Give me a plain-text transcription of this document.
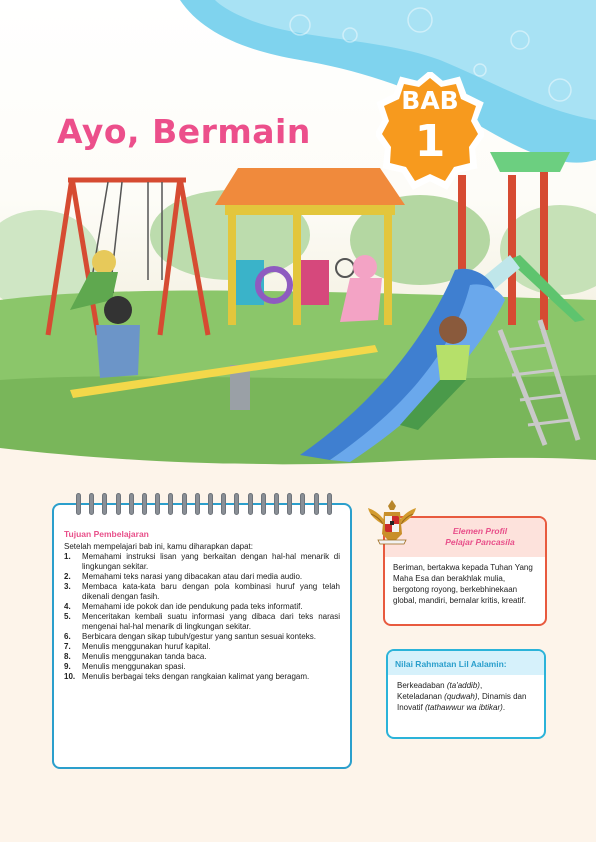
Ayo, Bermain
BAB
1
Tujuan Pembelajaran
Setelah mempelajari bab ini, kamu diharapkan dapat:
1.	Memahami instruksi lisan yang berkaitan dengan hal-hal menarik di lingkungan sekitar.
2.	Memahami teks narasi yang dibacakan atau dari media audio.
3.	Membaca kata-kata baru dengan pola kombinasi huruf yang telah dikenali dengan fasih.
4.	Memahami ide pokok dan ide pendukung pada teks informatif.
5.	Menceritakan kembali suatu informasi yang dibaca dari teks narasi mengenai hal-hal menarik di lingkungan sekitar.
6.	Berbicara dengan sikap tubuh/gestur yang santun sesuai konteks.
7.	Menulis menggunakan huruf kapital.
8.	Menulis menggunakan tanda baca.
9.	Menulis menggunakan spasi.
10. Menulis berbagai teks dengan rangkaian kalimat yang beragam.
Elemen Profil
Pelajar Pancasila
Beriman, bertakwa kepada Tuhan Yang Maha Esa dan berakhlak mulia, bergotong royong, berkebhinekaan global, mandiri, bernalar kritis, kreatif.
Nilai Rahmatan Lil Aalamin:
Berkeadaban (ta'addib),
Keteladanan (qudwah), Dinamis dan Inovatif (tathawwur wa ibtikar).
